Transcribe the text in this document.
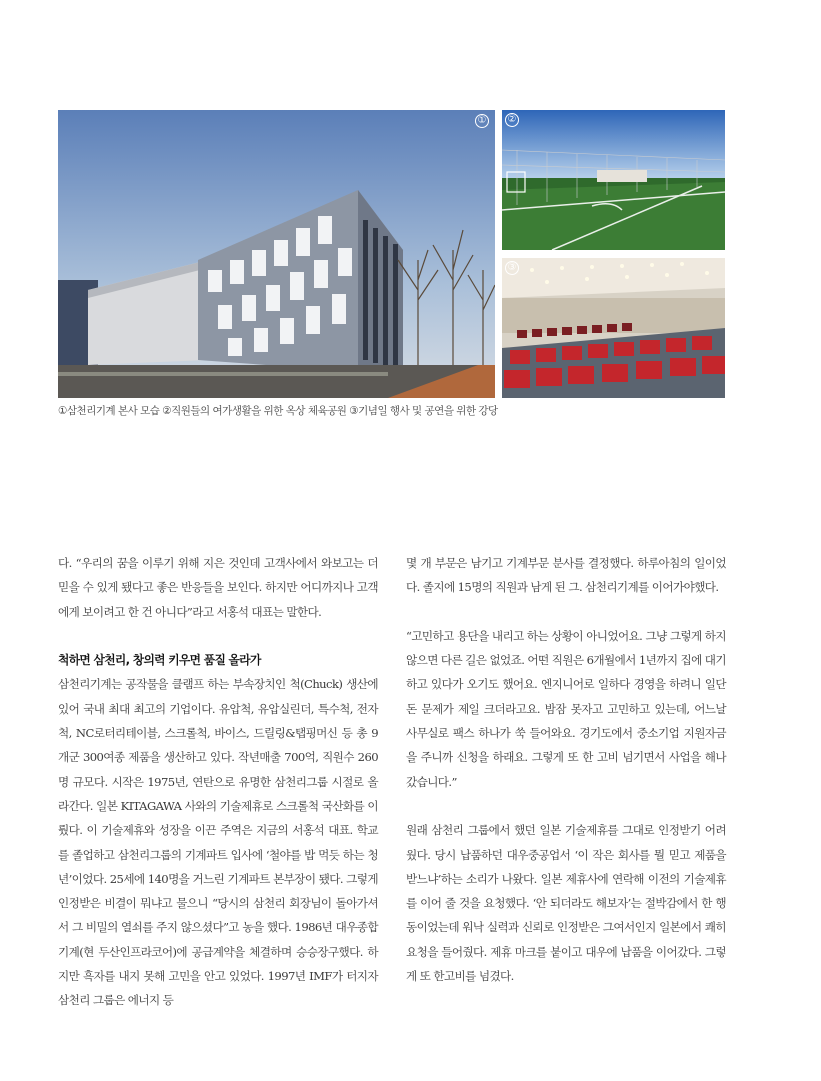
① ②
③
①삼천리기계 본사 모습 ②직원들의 여가생활을 위한 옥상 체육공원 ③기념일 행사 및 공연을 위한 강당

다. “우리의 꿈을 이루기 위해 지은 것인데 고객사에서 와보고는 더 믿을 수 있게 됐다고 좋은 반응들을 보인다. 하지만 어디까지나 고객에게 보이려고 한 건 아니다”라고 서홍석 대표는 말한다.

척하면 삼천리, 창의력 키우면 품질 올라가

삼천리기계는 공작물을 클램프 하는 부속장치인 척(Chuck) 생산에 있어 국내 최대 최고의 기업이다. 유압척, 유압실린더, 특수척, 전자척, NC로터리테이블, 스크롤척, 바이스, 드릴링&탭핑머신 등 총 9개군 300여종 제품을 생산하고 있다. 작년매출 700억, 직원수 260명 규모다. 시작은 1975년, 연탄으로 유명한 삼천리그룹 시절로 올라간다. 일본 KITAGAWA 사와의 기술제휴로 스크롤척 국산화를 이뤘다. 이 기술제휴와 성장을 이끈 주역은 지금의 서홍석 대표. 학교를 졸업하고 삼천리그룹의 기계파트 입사에 ‘철야를 밥 먹듯 하는 청년’이었다. 25세에 140명을 거느린 기계파트 본부장이 됐다. 그렇게 인정받은 비결이 뭐냐고 물으니 “당시의 삼천리 회장님이 돌아가셔서 그 비밀의 열쇠를 주지 않으셨다”고 농을 했다. 1986년 대우종합기계(현 두산인프라코어)에 공급계약을 체결하며 승승장구했다. 하지만 흑자를 내지 못해 고민을 안고 있었다. 1997년 IMF가 터지자 삼천리 그룹은 에너지 등

몇 개 부문은 남기고 기계부문 분사를 결정했다. 하루아침의 일이었다. 졸지에 15명의 직원과 남게 된 그. 삼천리기계를 이어가야했다.

“고민하고 용단을 내리고 하는 상황이 아니었어요. 그냥 그렇게 하지 않으면 다른 길은 없었죠. 어떤 직원은 6개월에서 1년까지 집에 대기하고 있다가 오기도 했어요. 엔지니어로 일하다 경영을 하려니 일단 돈 문제가 제일 크더라고요. 밤잠 못자고 고민하고 있는데, 어느날 사무실로 팩스 하나가 쑥 들어와요. 경기도에서 중소기업 지원자금을 주니까 신청을 하래요. 그렇게 또 한 고비 넘기면서 사업을 해나갔습니다.”

원래 삼천리 그룹에서 했던 일본 기술제휴를 그대로 인정받기 어려웠다. 당시 납품하던 대우중공업서 ‘이 작은 회사를 뭘 믿고 제품을 받느냐’하는 소리가 나왔다. 일본 제휴사에 연락해 이전의 기술제휴를 이어 줄 것을 요청했다. ‘안 되더라도 해보자’는 절박감에서 한 행동이었는데 워낙 실력과 신뢰로 인정받은 그여서인지 일본에서 쾌히 요청을 들어줬다. 제휴 마크를 붙이고 대우에 납품을 이어갔다. 그렇게 또 한고비를 넘겼다.
